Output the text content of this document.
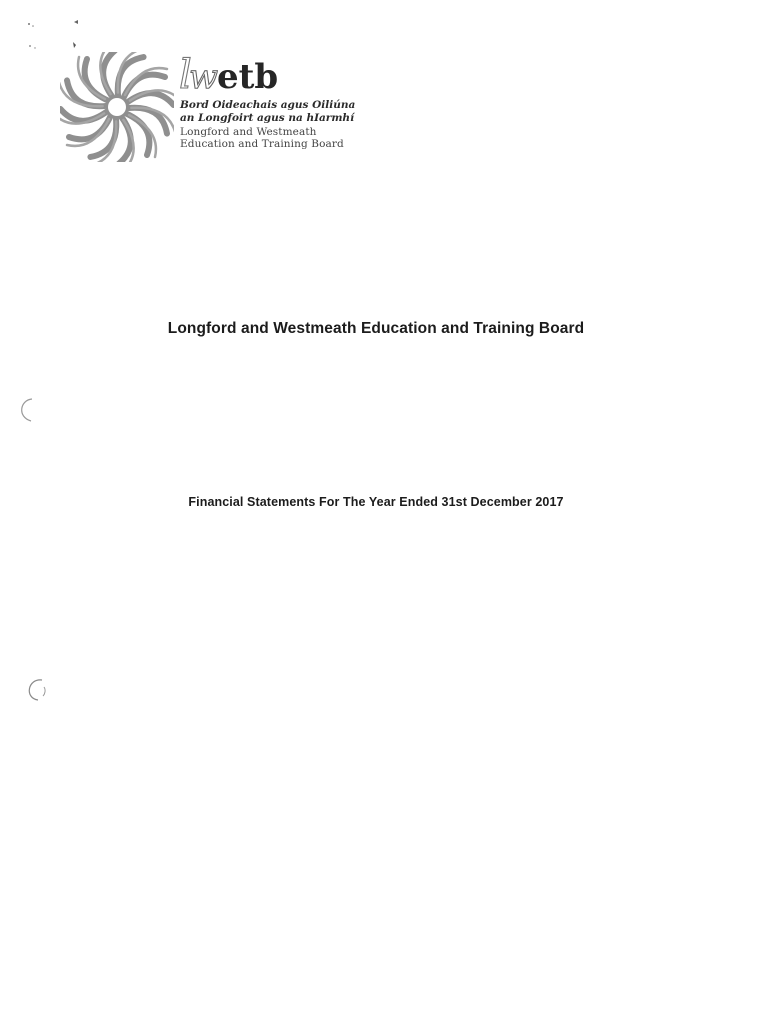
l
w
etb
Bord Oideachais agus Oiliúna
an Longfoirt agus na hIarmhí
Longford and Westmeath
Education and Training Board
Longford and Westmeath Education and Training Board
Financial Statements For The Year Ended 31st December 2017
